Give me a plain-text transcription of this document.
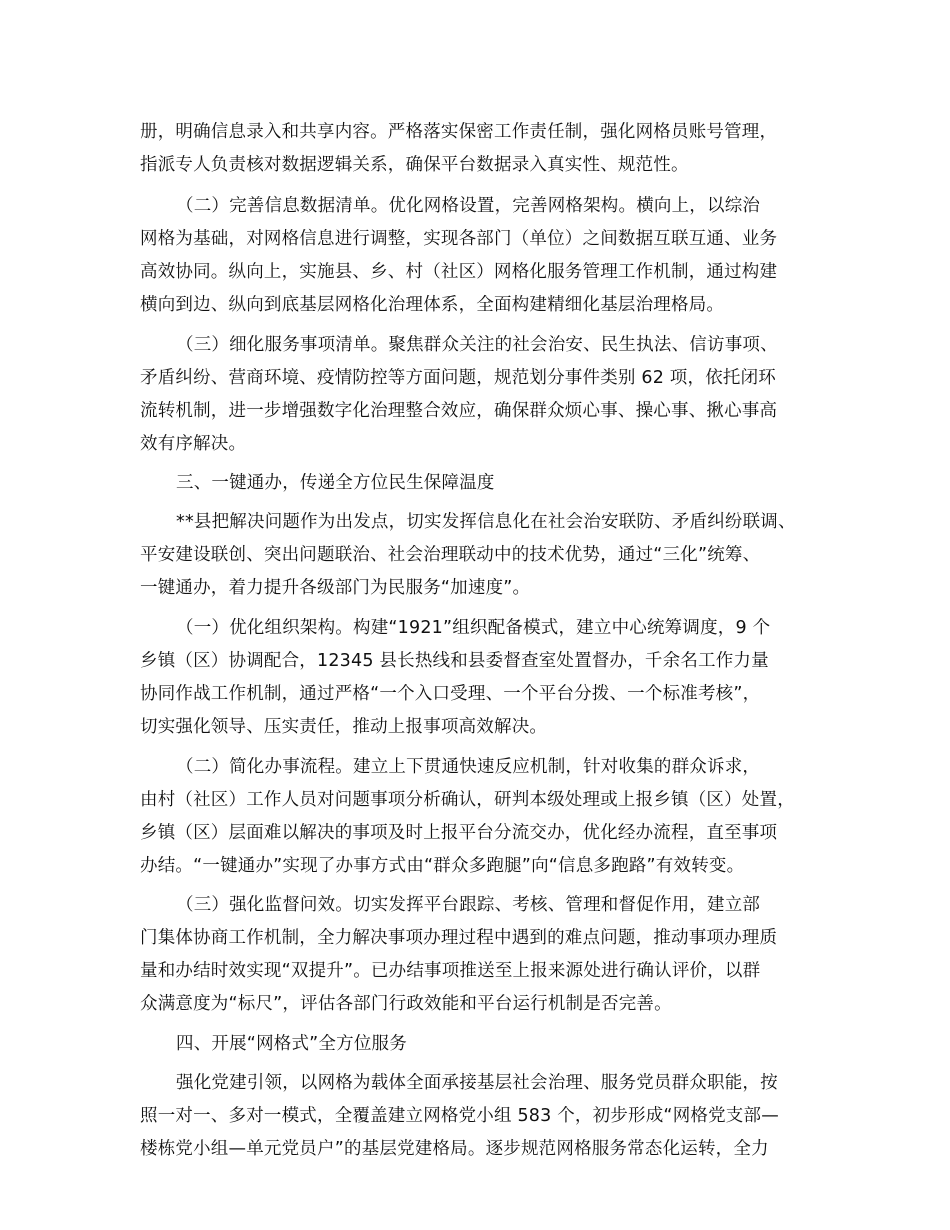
册，明确信息录入和共享内容。严格落实保密工作责任制，强化网格员账号管理，
指派专人负责核对数据逻辑关系，确保平台数据录入真实性、规范性。
（二）完善信息数据清单。优化网格设置，完善网格架构。横向上，以综治
网格为基础，对网格信息进行调整，实现各部门（单位）之间数据互联互通、业务
高效协同。纵向上，实施县、乡、村（社区）网格化服务管理工作机制，通过构建
横向到边、纵向到底基层网格化治理体系，全面构建精细化基层治理格局。
（三）细化服务事项清单。聚焦群众关注的社会治安、民生执法、信访事项、
矛盾纠纷、营商环境、疫情防控等方面问题，规范划分事件类别 62 项，依托闭环
流转机制，进一步增强数字化治理整合效应，确保群众烦心事、操心事、揪心事高
效有序解决。
三、一键通办，传递全方位民生保障温度
**县把解决问题作为出发点，切实发挥信息化在社会治安联防、矛盾纠纷联调、
平安建设联创、突出问题联治、社会治理联动中的技术优势，通过“三化”统筹、
一键通办，着力提升各级部门为民服务“加速度”。
（一）优化组织架构。构建“1921”组织配备模式，建立中心统筹调度，9 个
乡镇（区）协调配合，12345 县长热线和县委督查室处置督办，千余名工作力量
协同作战工作机制，通过严格“一个入口受理、一个平台分拨、一个标准考核”，
切实强化领导、压实责任，推动上报事项高效解决。
（二）简化办事流程。建立上下贯通快速反应机制，针对收集的群众诉求，
由村（社区）工作人员对问题事项分析确认，研判本级处理或上报乡镇（区）处置，
乡镇（区）层面难以解决的事项及时上报平台分流交办，优化经办流程，直至事项
办结。“一键通办”实现了办事方式由“群众多跑腿”向“信息多跑路”有效转变。
（三）强化监督问效。切实发挥平台跟踪、考核、管理和督促作用，建立部
门集体协商工作机制，全力解决事项办理过程中遇到的难点问题，推动事项办理质
量和办结时效实现“双提升”。已办结事项推送至上报来源处进行确认评价，以群
众满意度为“标尺”，评估各部门行政效能和平台运行机制是否完善。
四、开展“网格式”全方位服务
强化党建引领，以网格为载体全面承接基层社会治理、服务党员群众职能，按
照一对一、多对一模式，全覆盖建立网格党小组 583 个，初步形成“网格党支部—
楼栋党小组—单元党员户”的基层党建格局。逐步规范网格服务常态化运转，全力
